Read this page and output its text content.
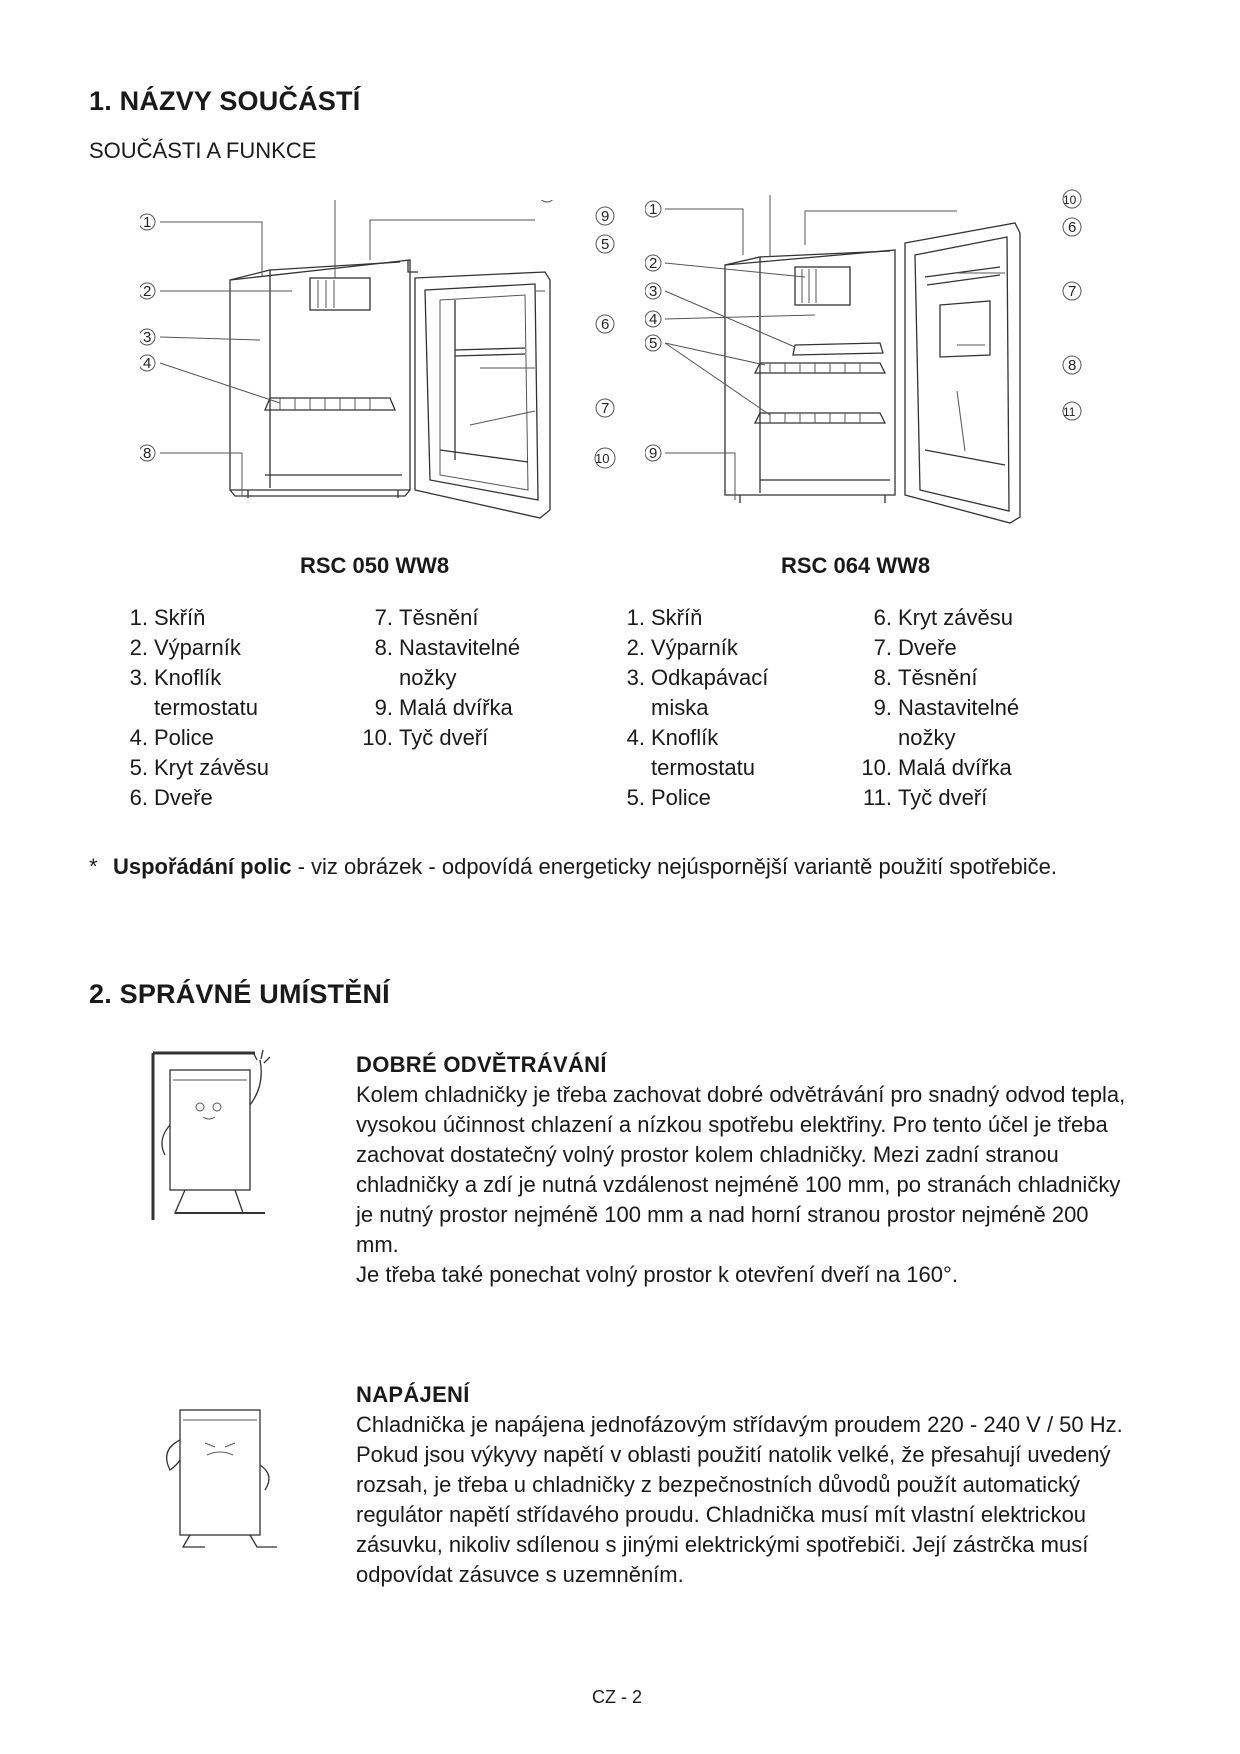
1. NÁZVY SOUČÁSTÍ
SOUČÁSTI A FUNKCE
1
2
3
4
8
9
5
6
7
10
1
2
3
4
5
9
10
6
7
8
11
RSC 050 WW8	RSC 064 WW8
1. Skříň
2. Výparník
3. Knoflík termostatu
4. Police
5. Kryt závěsu
6. Dveře
7. Těsnění
8. Nastavitelné nožky
9. Malá dvířka
10. Tyč dveří
1. Skříň
2. Výparník
3. Odkapávací miska
4. Knoflík termostatu
5. Police
6. Kryt závěsu
7. Dveře
8. Těsnění
9. Nastavitelné nožky
10. Malá dvířka
11. Tyč dveří
* Uspořádání polic - viz obrázek - odpovídá energeticky nejúspornější variantě použití spotřebiče.
2. SPRÁVNÉ UMÍSTĚNÍ
DOBRÉ ODVĚTRÁVÁNÍ
Kolem chladničky je třeba zachovat dobré odvětrávání pro snadný odvod tepla, vysokou účinnost chlazení a nízkou spotřebu elektřiny. Pro tento účel je třeba zachovat dostatečný volný prostor kolem chladničky. Mezi zadní stranou chladničky a zdí je nutná vzdálenost nejméně 100 mm, po stranách chladničky je nutný prostor nejméně 100 mm a nad horní stranou prostor nejméně 200 mm.
Je třeba také ponechat volný prostor k otevření dveří na 160°.
NAPÁJENÍ
Chladnička je napájena jednofázovým střídavým proudem 220 - 240 V / 50 Hz. Pokud jsou výkyvy napětí v oblasti použití natolik velké, že přesahují uvedený rozsah, je třeba u chladničky z bezpečnostních důvodů použít automatický regulátor napětí střídavého proudu. Chladnička musí mít vlastní elektrickou zásuvku, nikoliv sdílenou s jinými elektrickými spotřebiči. Její zástrčka musí odpovídat zásuvce s uzemněním.
CZ - 2
